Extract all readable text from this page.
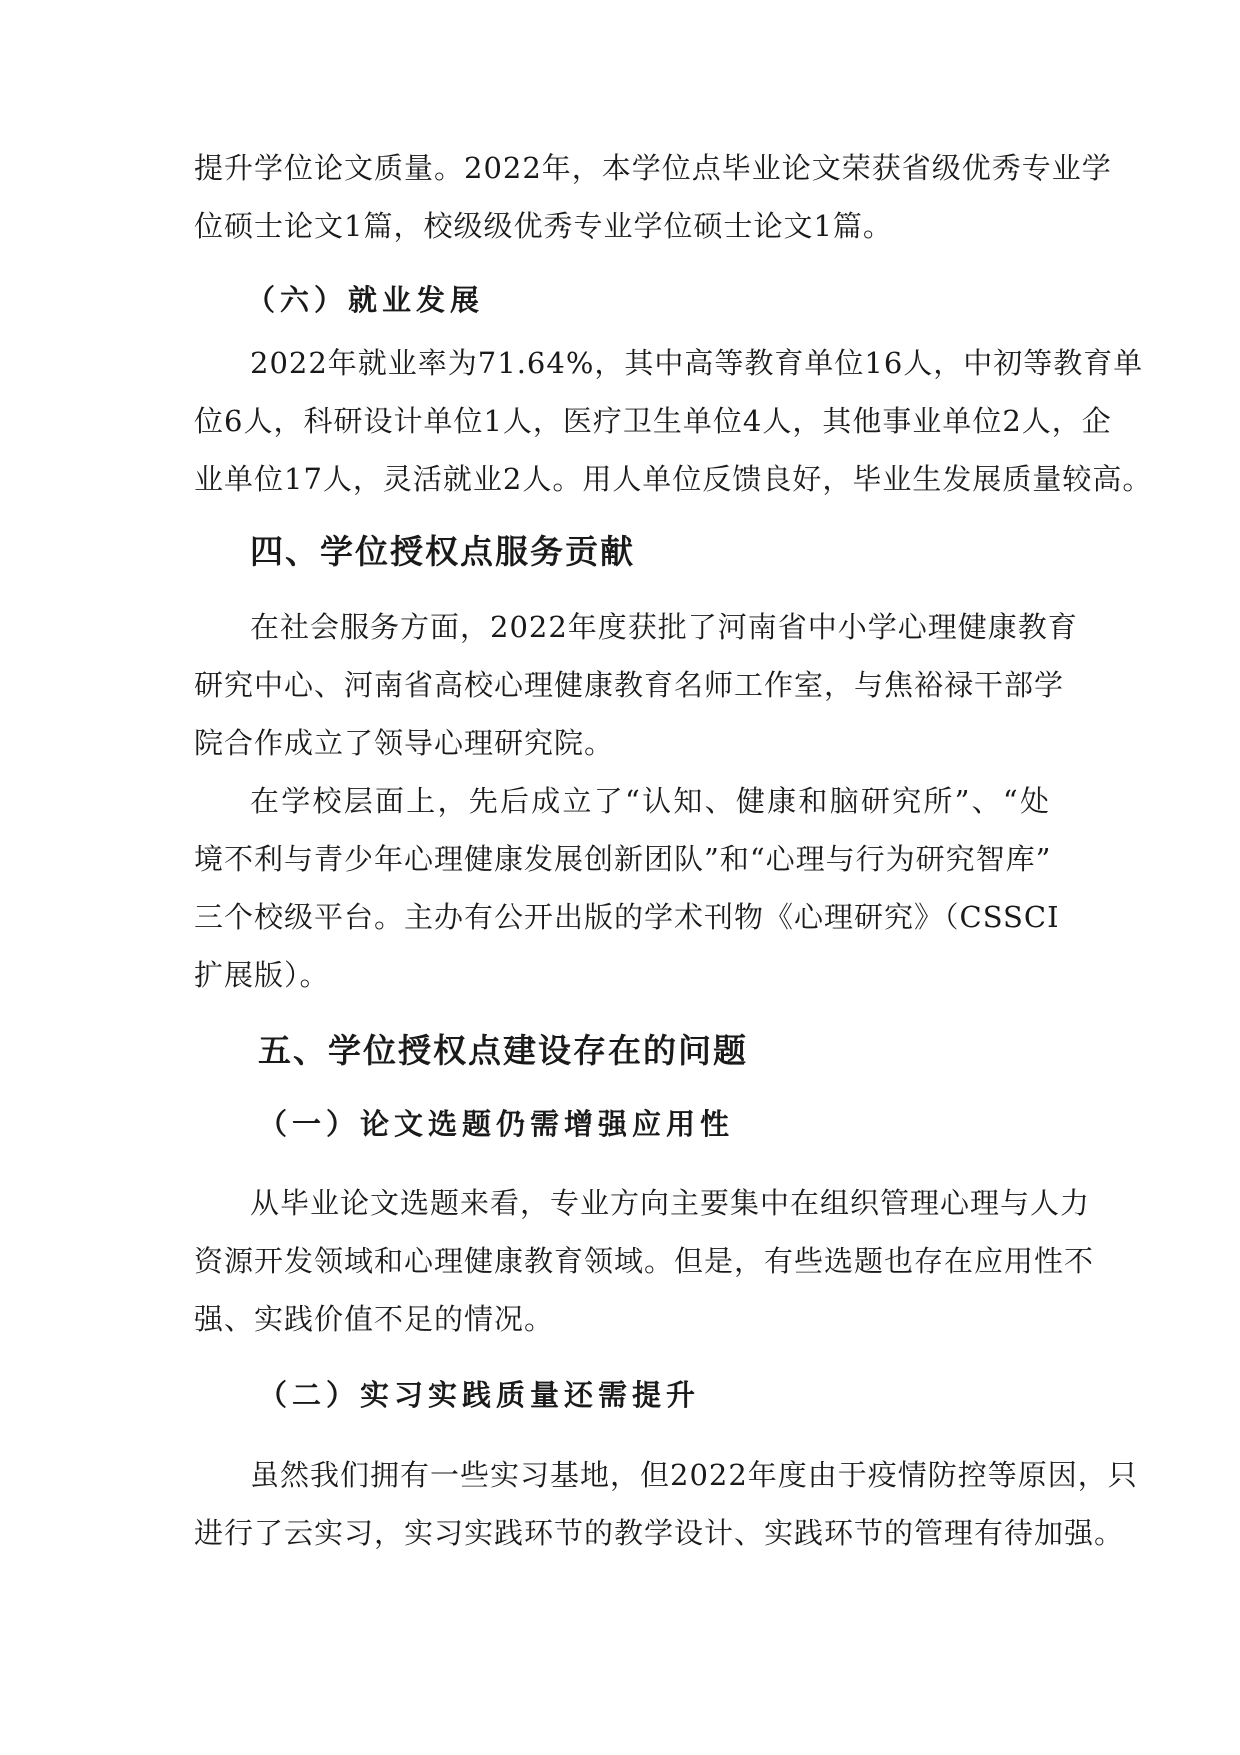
提升学位论文质量。2022年，本学位点毕业论文荣获省级优秀专业学

位硕士论文1篇，校级级优秀专业学位硕士论文1篇。

（六）就业发展

2022年就业率为71.64%，其中高等教育单位16人，中初等教育单

位6人，科研设计单位1人，医疗卫生单位4人，其他事业单位2人，企

业单位17人，灵活就业2人。用人单位反馈良好，毕业生发展质量较高。

四、学位授权点服务贡献

在社会服务方面，2022年度获批了河南省中小学心理健康教育

研究中心、河南省高校心理健康教育名师工作室，与焦裕禄干部学

院合作成立了领导心理研究院。

在学校层面上，先后成立了“认知、健康和脑研究所”、“处

境不利与青少年心理健康发展创新团队”和“心理与行为研究智库”

三个校级平台。主办有公开出版的学术刊物《心理研究》（CSSCI

扩展版）。

五、学位授权点建设存在的问题
（一）论文选题仍需增强应用性

从毕业论文选题来看，专业方向主要集中在组织管理心理与人力

资源开发领域和心理健康教育领域。但是，有些选题也存在应用性不

强、实践价值不足的情况。

（二）实习实践质量还需提升

虽然我们拥有一些实习基地，但2022年度由于疫情防控等原因，只

进行了云实习，实习实践环节的教学设计、实践环节的管理有待加强。
